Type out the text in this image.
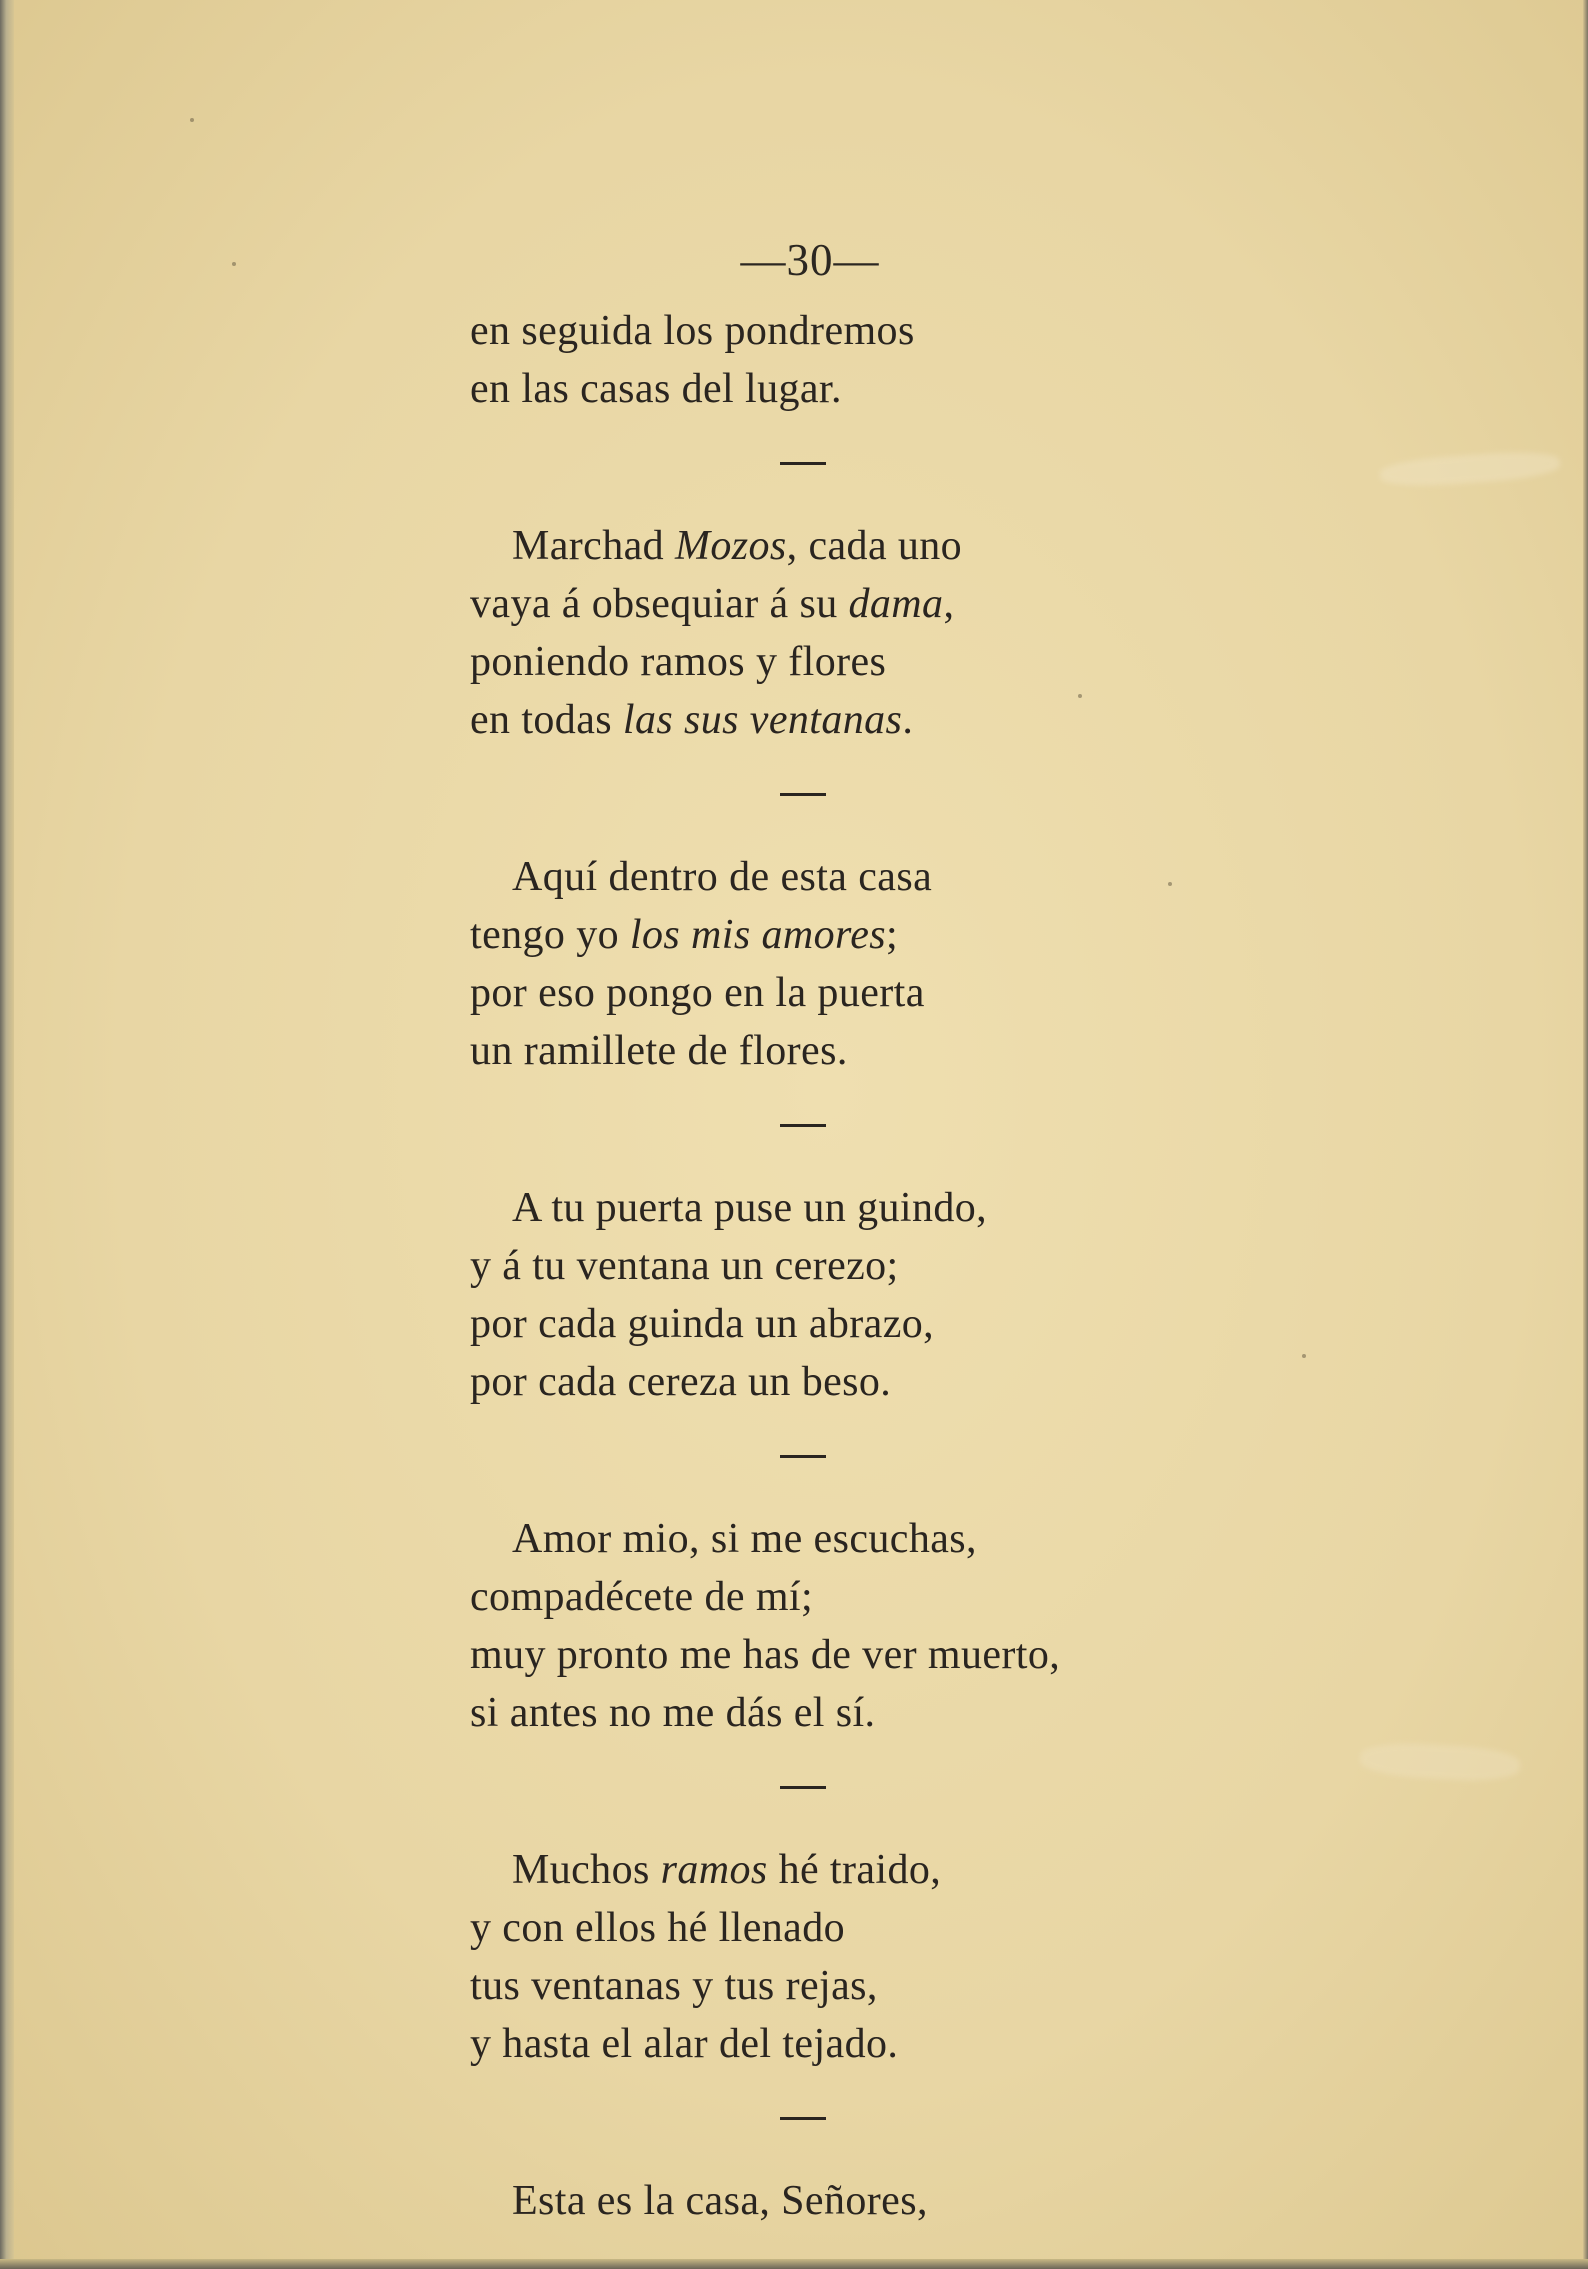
—30—
en seguida los pondremos
en las casas del lugar.
Marchad Mozos, cada uno
vaya á obsequiar á su dama,
poniendo ramos y flores
en todas las sus ventanas.
Aquí dentro de esta casa
tengo yo los mis amores;
por eso pongo en la puerta
un ramillete de flores.
A tu puerta puse un guindo,
y á tu ventana un cerezo;
por cada guinda un abrazo,
por cada cereza un beso.
Amor mio, si me escuchas,
compadécete de mí;
muy pronto me has de ver muerto,
si antes no me dás el sí.
Muchos ramos hé traido,
y con ellos hé llenado
tus ventanas y tus rejas,
y hasta el alar del tejado.
Esta es la casa, Señores,
